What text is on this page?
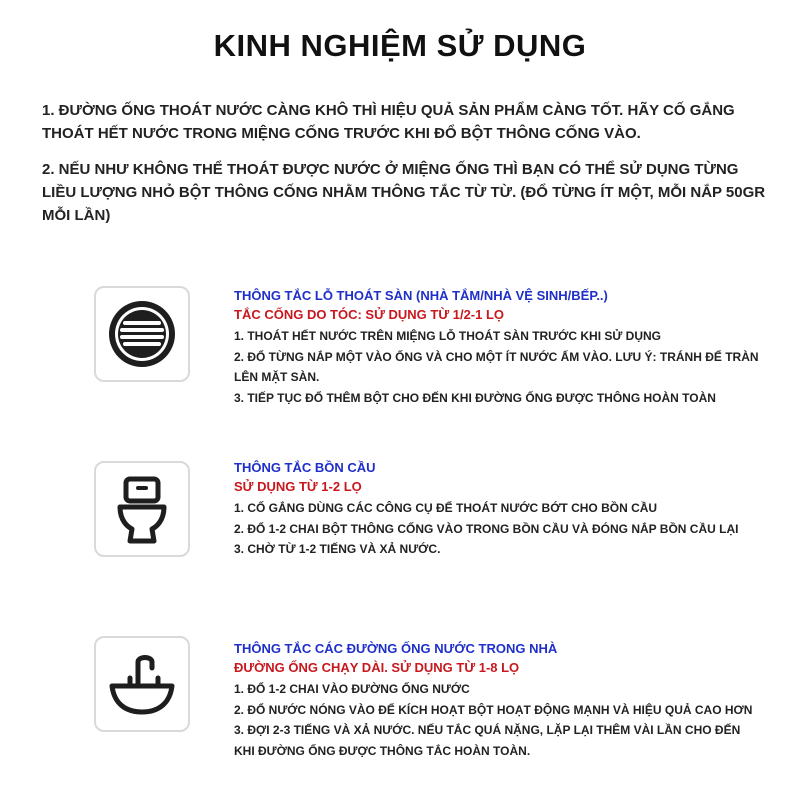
KINH NGHIỆM SỬ DỤNG

1. ĐƯỜNG ỐNG THOÁT NƯỚC CÀNG KHÔ THÌ HIỆU QUẢ SẢN PHẨM CÀNG TỐT. HÃY CỐ GẮNG THOÁT HẾT NƯỚC TRONG MIỆNG CỐNG TRƯỚC KHI ĐỔ BỘT THÔNG CỐNG VÀO.

2. NẾU NHƯ KHÔNG THỂ THOÁT ĐƯỢC NƯỚC Ở MIỆNG ỐNG THÌ BẠN CÓ THỂ SỬ DỤNG TỪNG LIỀU LƯỢNG NHỎ BỘT THÔNG CỐNG NHẰM THÔNG TẮC TỪ TỪ. (ĐỔ TỪNG ÍT MỘT, MỖI NẮP 50GR MỖI LẦN)

THÔNG TẮC LỖ THOÁT SÀN (NHÀ TẮM/NHÀ VỆ SINH/BẾP..)

TẮC CỐNG DO TÓC: SỬ DỤNG TỪ 1/2-1 LỌ

1. THOÁT HẾT NƯỚC TRÊN MIỆNG LỖ THOÁT SÀN TRƯỚC KHI SỬ DỤNG
2. ĐỔ TỪNG NẮP MỘT VÀO ỐNG VÀ CHO MỘT ÍT NƯỚC ẤM VÀO. LƯU Ý: TRÁNH ĐỂ TRÀN LÊN MẶT SÀN.
3. TIẾP TỤC ĐỔ THÊM BỘT CHO ĐẾN KHI ĐƯỜNG ỐNG ĐƯỢC THÔNG HOÀN TOÀN

THÔNG TẮC BỒN CẦU

SỬ DỤNG TỪ 1-2 LỌ

1. CỐ GẮNG DÙNG CÁC CÔNG CỤ ĐỂ THOÁT NƯỚC BỚT CHO BỒN CẦU
2. ĐỔ 1-2 CHAI BỘT THÔNG CỐNG VÀO TRONG BỒN CẦU VÀ ĐÓNG NẮP BỒN CẦU LẠI
3. CHỜ TỪ 1-2 TIẾNG VÀ XẢ NƯỚC.

THÔNG TẮC CÁC ĐƯỜNG ỐNG NƯỚC TRONG NHÀ

ĐƯỜNG ỐNG CHẠY DÀI. SỬ DỤNG TỪ 1-8 LỌ

1. ĐỔ 1-2 CHAI VÀO ĐƯỜNG ỐNG NƯỚC
2. ĐỔ NƯỚC NÓNG VÀO ĐỂ KÍCH HOẠT BỘT HOẠT ĐỘNG MẠNH VÀ HIỆU QUẢ CAO HƠN
3. ĐỢI 2-3 TIẾNG VÀ XẢ NƯỚC. NẾU TẮC QUÁ NẶNG, LẶP LẠI THÊM VÀI LẦN CHO ĐẾN KHI ĐƯỜNG ỐNG ĐƯỢC THÔNG TẮC HOÀN TOÀN.
